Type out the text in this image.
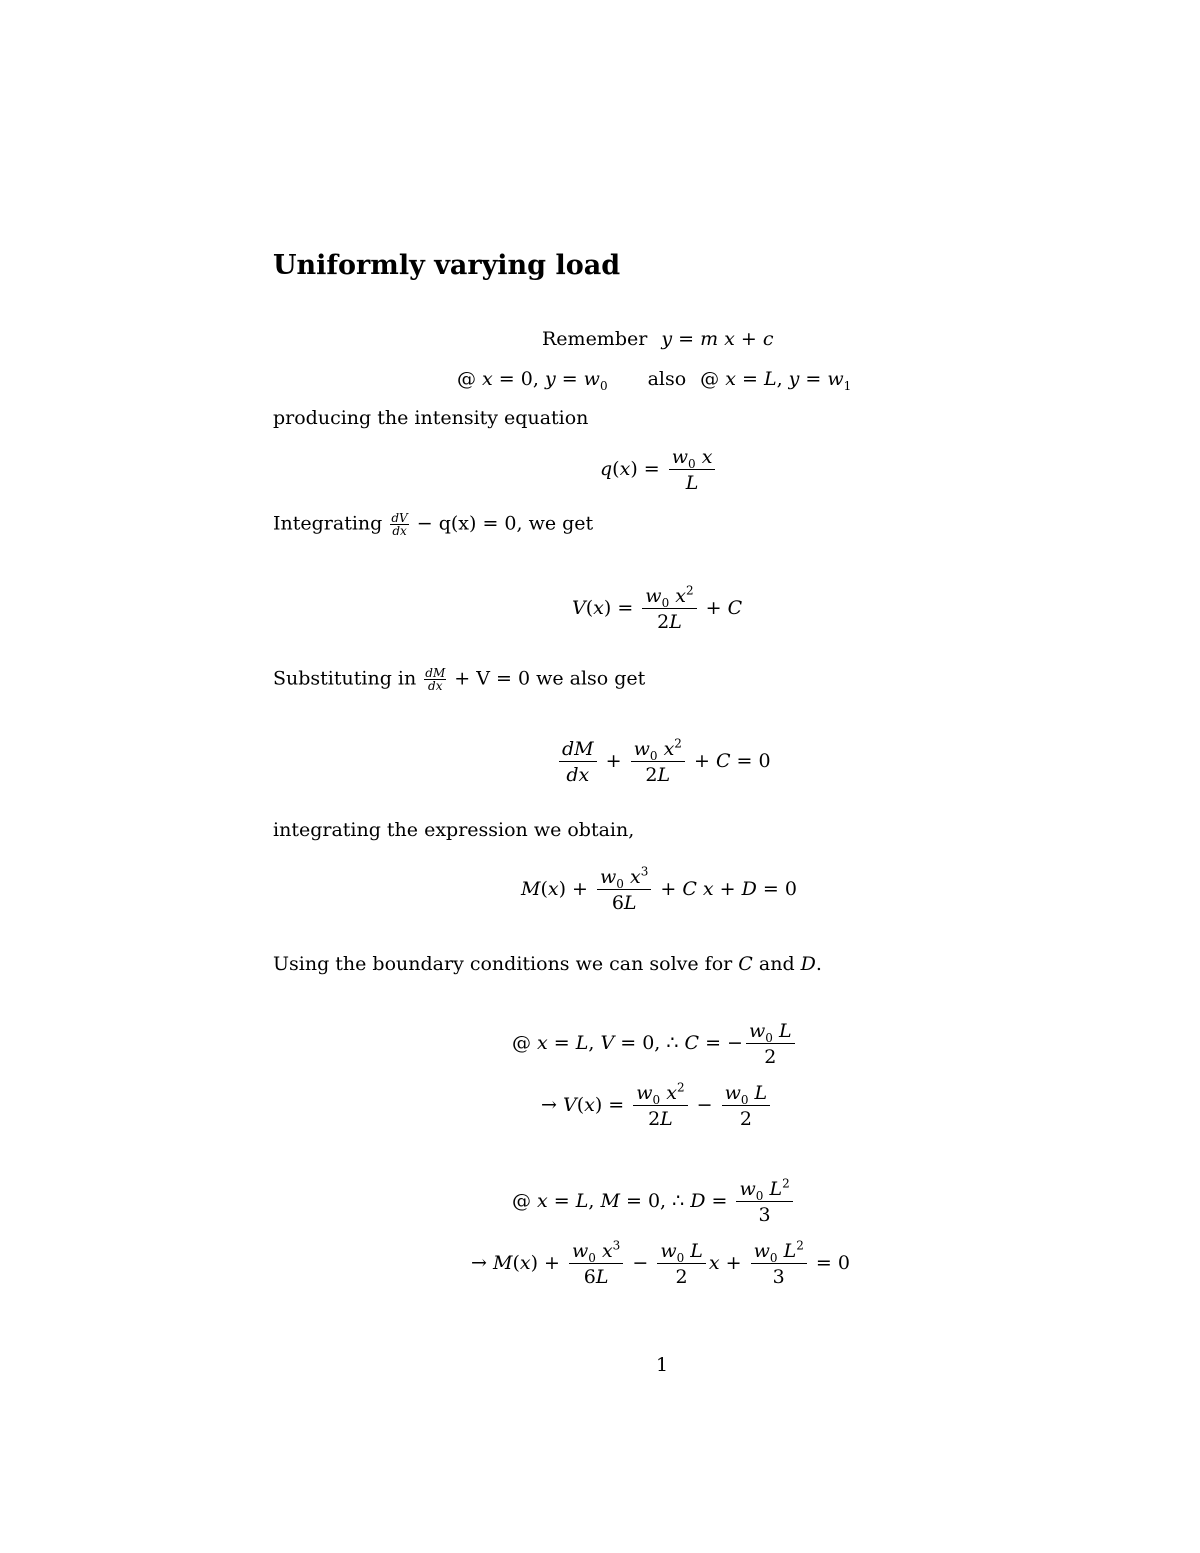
Uniformly varying load
Remember y = m x + c
@ x = 0, $y = w_0$ also @ x = L, $y = w_1$
producing the intensity equation
$q(x) = \frac{w_0 x}{L}$
Integrating $\frac{dV}{dx} - q(x) = 0$, we get
$V(x) = \frac{w_0 x^2}{2L} + C$
Substituting in $\frac{dM}{dx} + V = 0$ we also get
$\frac{dM}{dx} + \frac{w_0 x^2}{2L} + C = 0$
integrating the expression we obtain,
$M(x) + \frac{w_0 x^3}{6L} + C$ x + D = 0
Using the boundary conditions we can solve for C and D.
@ x = L, V = 0, ∴ C = − $\frac{w_0 L}{2}$
→ $V(x) = \frac{w_0 x^2}{2L} - \frac{w_0 L}{2}$
@ x = L, M = 0, ∴ $D = \frac{w_0 L^2}{3}$
→ $M(x) + \frac{w_0 x^3}{6L} - \frac{w_0 L}{2}$ $x + \frac{w_0 L^2}{3} = 0$
1
